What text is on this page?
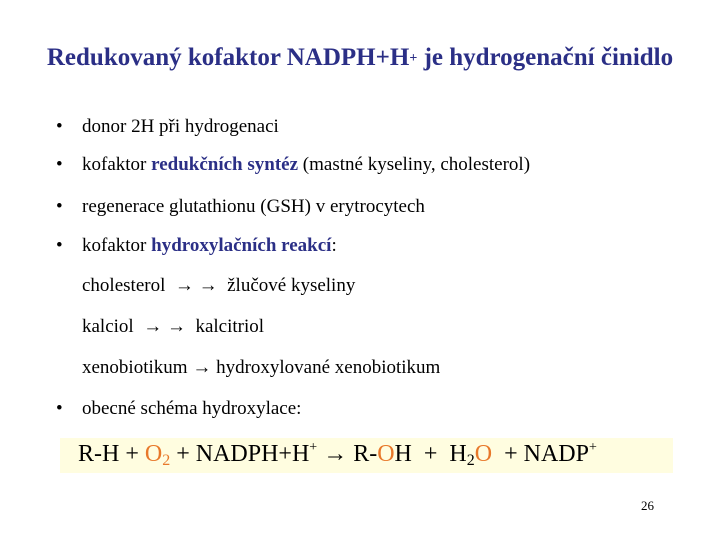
Redukovaný kofaktor NADPH+H+ je hydrogenační činidlo
• donor 2H při hydrogenaci
• kofaktor redukčních syntéz (mastné kyseliny, cholesterol)
• regenerace glutathionu (GSH) v erytrocytech
• kofaktor hydroxylačních reakcí:
cholesterol → → žlučové kyseliny
kalciol → → kalcitriol
xenobiotikum → hydroxylované xenobiotikum
• obecné schéma hydroxylace:
$R-H + O_2$ + NADPH+H+ → $R-OH + H_2O$  + NADP+
26
